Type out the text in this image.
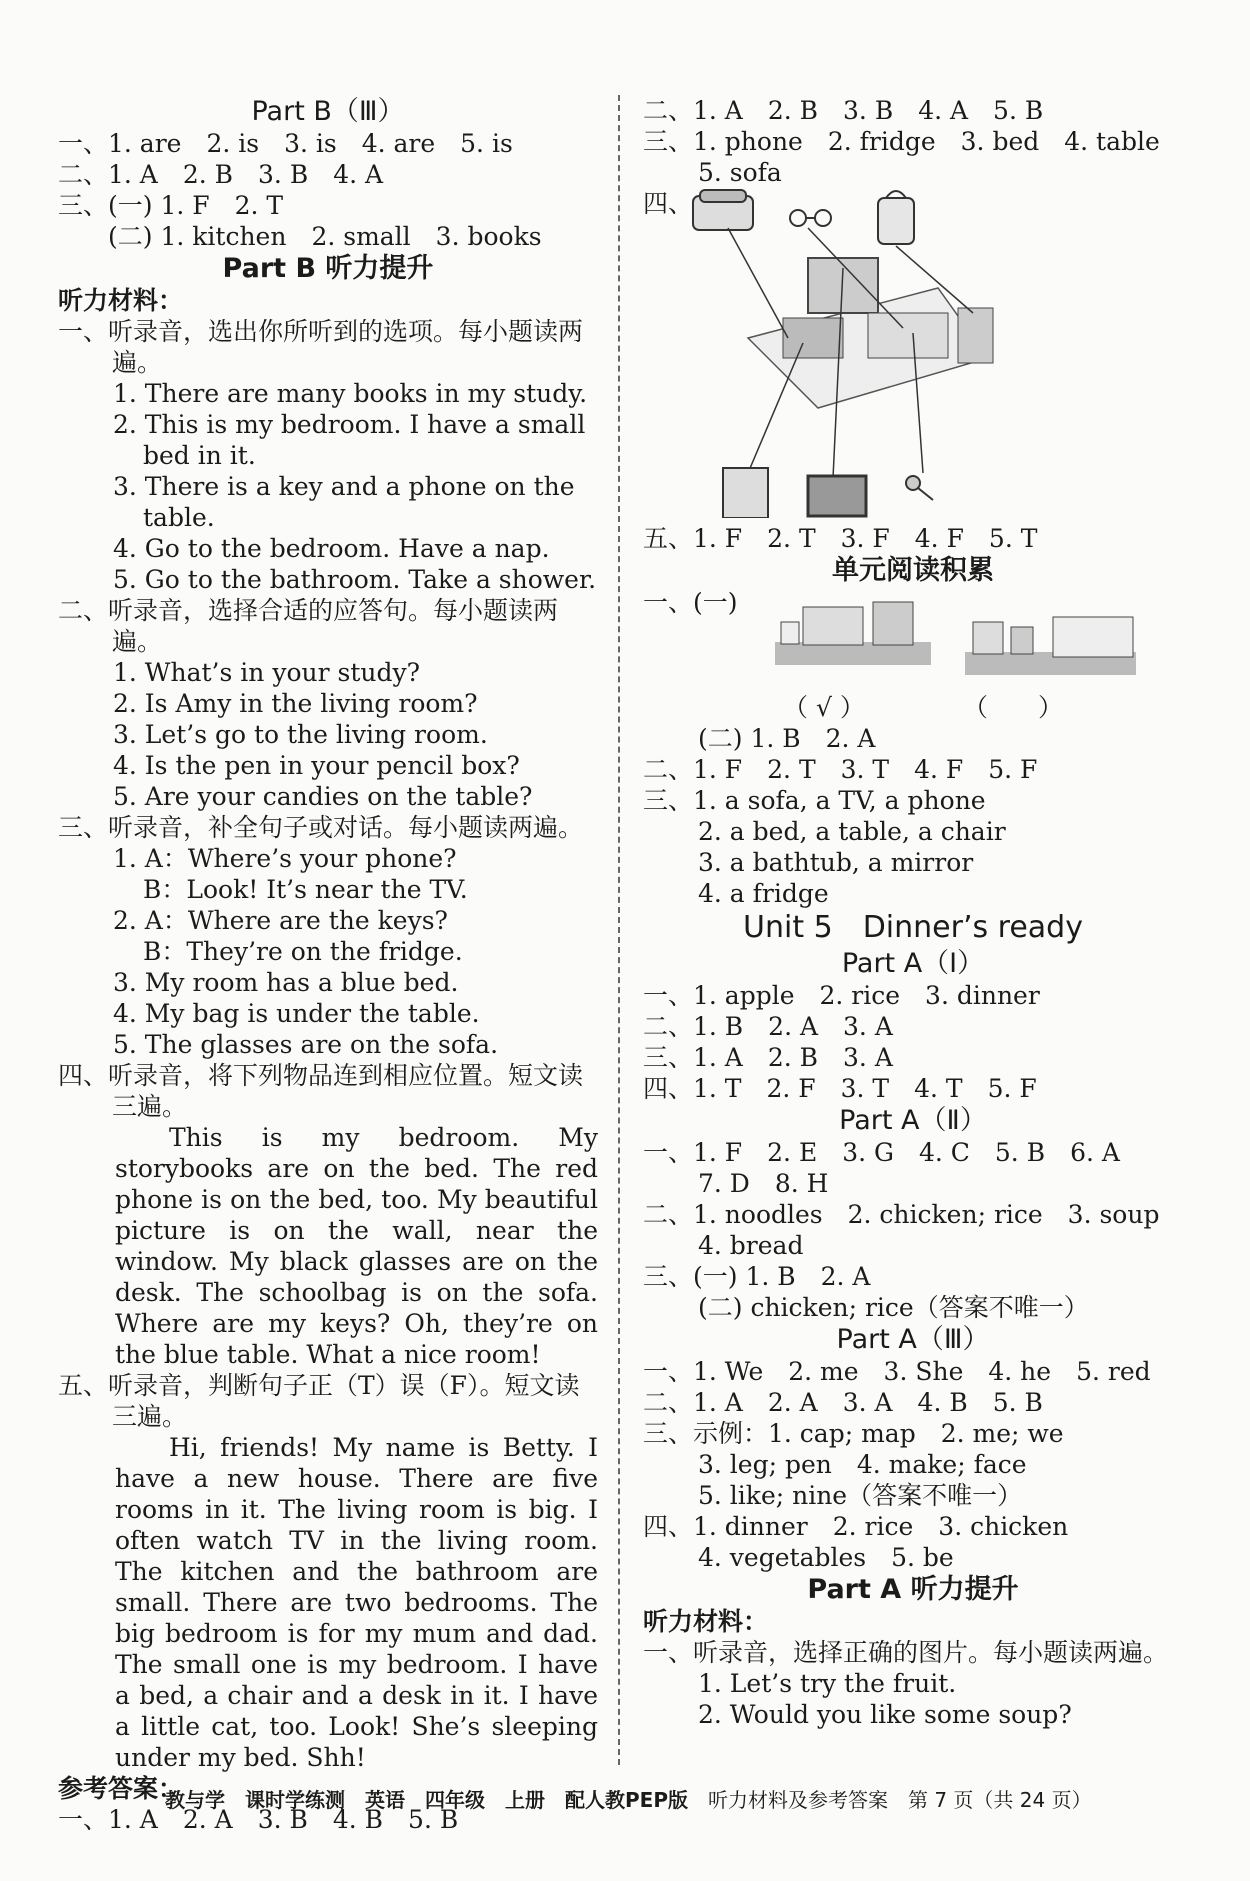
Part B（Ⅲ）
一、1. are　2. is　3. is　4. are　5. is
二、1. A　2. B　3. B　4. A
三、(一) 1. F　2. T
　　(二) 1. kitchen　2. small　3. books
Part B 听力提升
听力材料：
一、听录音，选出你所听到的选项。每小题读两遍。
1. There are many books in my study.
2. This is my bedroom. I have a small bed in it.
3. There is a key and a phone on the table.
4. Go to the bedroom. Have a nap.
5. Go to the bathroom. Take a shower.
二、听录音，选择合适的应答句。每小题读两遍。
1. What’s in your study?
2. Is Amy in the living room?
3. Let’s go to the living room.
4. Is the pen in your pencil box?
5. Are your candies on the table?
三、听录音，补全句子或对话。每小题读两遍。
1. A：Where’s your phone?
B：Look! It’s near the TV.
2. A：Where are the keys?
B：They’re on the fridge.
3. My room has a blue bed.
4. My bag is under the table.
5. The glasses are on the sofa.
四、听录音，将下列物品连到相应位置。短文读三遍。
This is my bedroom. My storybooks are on the bed. The red phone is on the bed, too. My beautiful picture is on the wall, near the window. My black glasses are on the desk. The schoolbag is on the sofa. Where are my keys? Oh, they’re on the blue table. What a nice room!
五、听录音，判断句子正（T）误（F）。短文读三遍。
Hi, friends! My name is Betty. I have a new house. There are five rooms in it. The living room is big. I often watch TV in the living room. The kitchen and the bathroom are small. There are two bedrooms. The big bedroom is for my mum and dad. The small one is my bedroom. I have a bed, a chair and a desk in it. I have a little cat, too. Look! She’s sleeping under my bed. Shh!
参考答案：
一、1. A　2. A　3. B　4. B　5. B
二、1. A　2. B　3. B　4. A　5. B
三、1. phone　2. fridge　3. bed　4. table
5. sofa
四、
五、1. F　2. T　3. F　4. F　5. T
单元阅读积累
一、(一)
（ √ ）	（　　）
(二) 1. B　2. A
二、1. F　2. T　3. T　4. F　5. F
三、1. a sofa, a TV, a phone
2. a bed, a table, a chair
3. a bathtub, a mirror
4. a fridge
Unit 5　Dinner’s ready
Part A（Ⅰ）
一、1. apple　2. rice　3. dinner
二、1. B　2. A　3. A
三、1. A　2. B　3. A
四、1. T　2. F　3. T　4. T　5. F
Part A（Ⅱ）
一、1. F　2. E　3. G　4. C　5. B　6. A
7. D　8. H
二、1. noodles　2. chicken; rice　3. soup
4. bread
三、(一) 1. B　2. A
(二) chicken; rice（答案不唯一）
Part A（Ⅲ）
一、1. We　2. me　3. She　4. he　5. red
二、1. A　2. A　3. A　4. B　5. B
三、示例：1. cap; map　2. me; we
3. leg; pen　4. make; face
5. like; nine（答案不唯一）
四、1. dinner　2. rice　3. chicken
4. vegetables　5. be
Part A 听力提升
听力材料：
一、听录音，选择正确的图片。每小题读两遍。
1. Let’s try the fruit.
2. Would you like some soup?
教与学　课时学练测　英语　四年级　上册　配人教PEP版　 听力材料及参考答案　 第 7 页（共 24 页）
